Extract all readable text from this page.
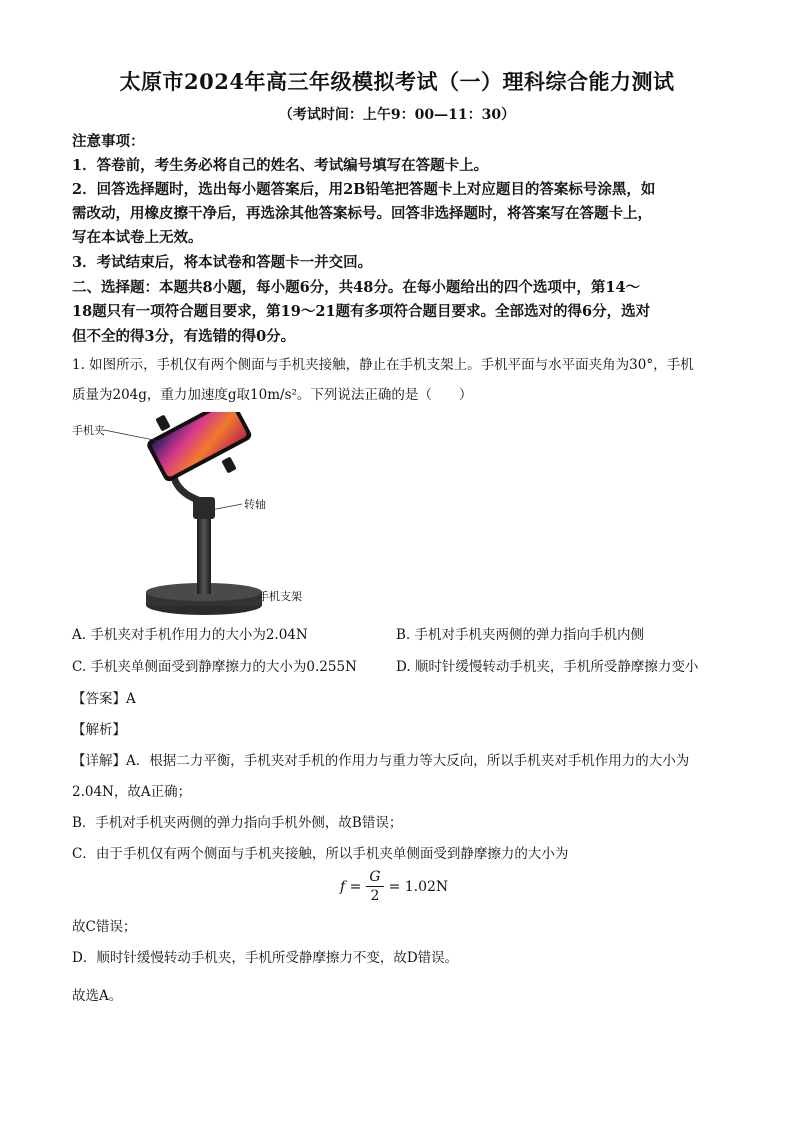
太原市2024年高三年级模拟考试（一）理科综合能力测试
（考试时间：上午9：00—11：30）
注意事项：
1．答卷前，考生务必将自己的姓名、考试编号填写在答题卡上。
2．回答选择题时，选出每小题答案后，用2B铅笔把答题卡上对应题目的答案标号涂黑，如
需改动，用橡皮擦干净后，再选涂其他答案标号。回答非选择题时，将答案写在答题卡上，
写在本试卷上无效。
3．考试结束后，将本试卷和答题卡一并交回。
二、选择题：本题共8小题，每小题6分，共48分。在每小题给出的四个选项中，第14～
18题只有一项符合题目要求，第19～21题有多项符合题目要求。全部选对的得6分，选对
但不全的得3分，有选错的得0分。
1. 如图所示，手机仅有两个侧面与手机夹接触，静止在手机支架上。手机平面与水平面夹角为30°，手机
质量为204g，重力加速度g取10m/s²。下列说法正确的是（　　）
手机夹
转轴
手机支架
A. 手机夹对手机作用力的大小为2.04N	B. 手机对手机夹两侧的弹力指向手机内侧
C. 手机夹单侧面受到静摩擦力的大小为0.255N	D. 顺时针缓慢转动手机夹，手机所受静摩擦力变小
【答案】A
【解析】
【详解】A．根据二力平衡，手机夹对手机的作用力与重力等大反向，所以手机夹对手机作用力的大小为
2.04N，故A正确；
B．手机对手机夹两侧的弹力指向手机外侧，故B错误；
C．由于手机仅有两个侧面与手机夹接触，所以手机夹单侧面受到静摩擦力的大小为
$f = \frac{G}{2} = 1.02N$
故C错误；
D．顺时针缓慢转动手机夹，手机所受静摩擦力不变，故D错误。
故选A。
